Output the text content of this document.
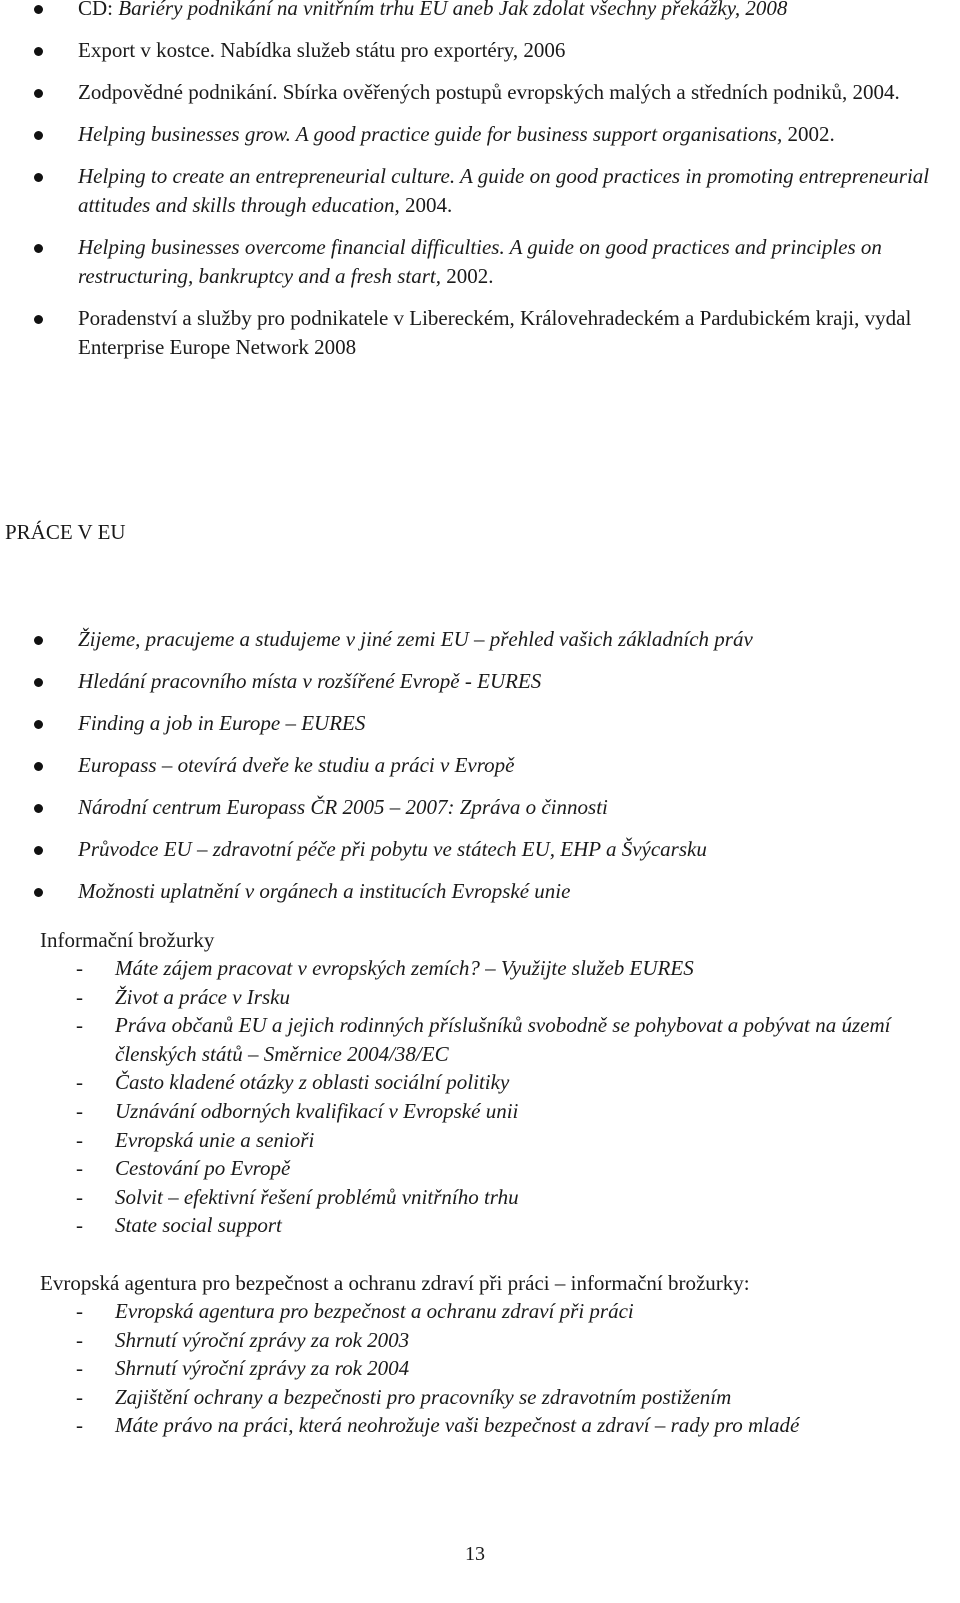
CD: Bariéry podnikání na vnitřním trhu EU aneb Jak zdolat všechny překážky, 2008
Export v kostce. Nabídka služeb státu pro exportéry, 2006
Zodpovědné podnikání. Sbírka ověřených postupů evropských malých a středních podniků, 2004.
Helping businesses grow. A good practice guide for business support organisations, 2002.
Helping to create an entrepreneurial culture. A guide on good practices in promoting entrepreneurial attitudes and skills through education, 2004.
Helping businesses overcome financial difficulties. A guide on good practices and principles on restructuring, bankruptcy and a fresh start, 2002.
Poradenství a služby pro podnikatele v Libereckém, Královehradeckém a Pardubickém kraji, vydal Enterprise Europe Network 2008
PRÁCE V EU
Žijeme, pracujeme a studujeme v jiné zemi EU – přehled vašich základních práv
Hledání pracovního místa v rozšířené Evropě - EURES
Finding a job in Europe – EURES
Europass – otevírá dveře ke studiu a práci v Evropě
Národní centrum Europass ČR 2005 – 2007: Zpráva o činnosti
Průvodce EU – zdravotní péče při pobytu ve státech EU, EHP a Švýcarsku
Možnosti uplatnění v orgánech a institucích Evropské unie
Informační brožurky
- Máte zájem pracovat v evropských zemích? – Využijte služeb EURES
- Život a práce v Irsku
- Práva občanů EU a jejich rodinných příslušníků svobodně se pohybovat a pobývat na území členských států – Směrnice 2004/38/EC
- Často kladené otázky z oblasti sociální politiky
- Uznávání odborných kvalifikací v Evropské unii
- Evropská unie a senioři
- Cestování po Evropě
- Solvit – efektivní řešení problémů vnitřního trhu
- State social support
Evropská agentura pro bezpečnost a ochranu zdraví při práci – informační brožurky:
- Evropská agentura pro bezpečnost a ochranu zdraví při práci
- Shrnutí výroční zprávy za rok 2003
- Shrnutí výroční zprávy za rok 2004
- Zajištění ochrany a bezpečnosti pro pracovníky se zdravotním postižením
- Máte právo na práci, která neohrožuje vaši bezpečnost a zdraví – rady pro mladé
13
